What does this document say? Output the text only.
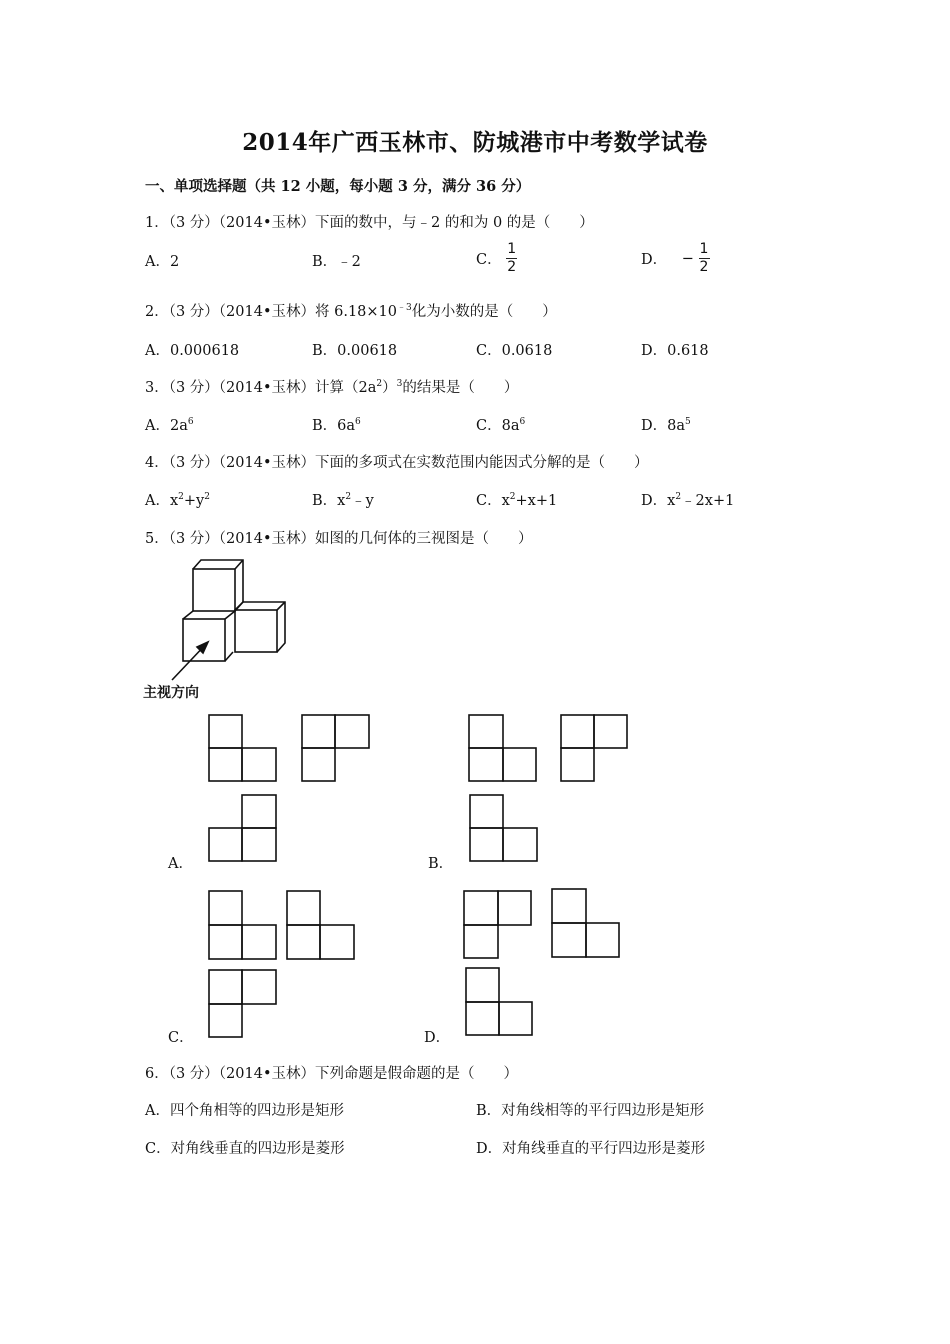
2014年广西玉林市、防城港市中考数学试卷
一、单项选择题（共 12 小题，每小题 3 分，满分 36 分）
1．（3 分）（2014•玉林）下面的数中，与﹣2 的和为 0 的是（　　）
A．2	B．﹣2	C． $\frac{1}{2}$	D． − $\frac{1}{2}$
2．（3 分）（2014•玉林）将 $6.18\times 10^{﹣3}$化为小数的是（　　）
A．0.000618	B．0.00618	C．0.0618	D．0.618
3．（3 分）（2014•玉林）计算$(2a^2)^3$的结果是（　　）
A．$2a^6$	B．$6a^6$	C．$8a^6$	D．$8a^5$
4．（3 分）（2014•玉林）下面的多项式在实数范围内能因式分解的是（　　）
A．$x^2+y^2$	B．$x^2﹣y$	C．$x^2+x+1$	D．$x^2﹣2x+1$
5．（3 分）（2014•玉林）如图的几何体的三视图是（　　）
主视方向
A．	B．
C．	D．
6．（3 分）（2014•玉林）下列命题是假命题的是（　　）
A．四个角相等的四边形是矩形	B．对角线相等的平行四边形是矩形
C．对角线垂直的四边形是菱形	D．对角线垂直的平行四边形是菱形
